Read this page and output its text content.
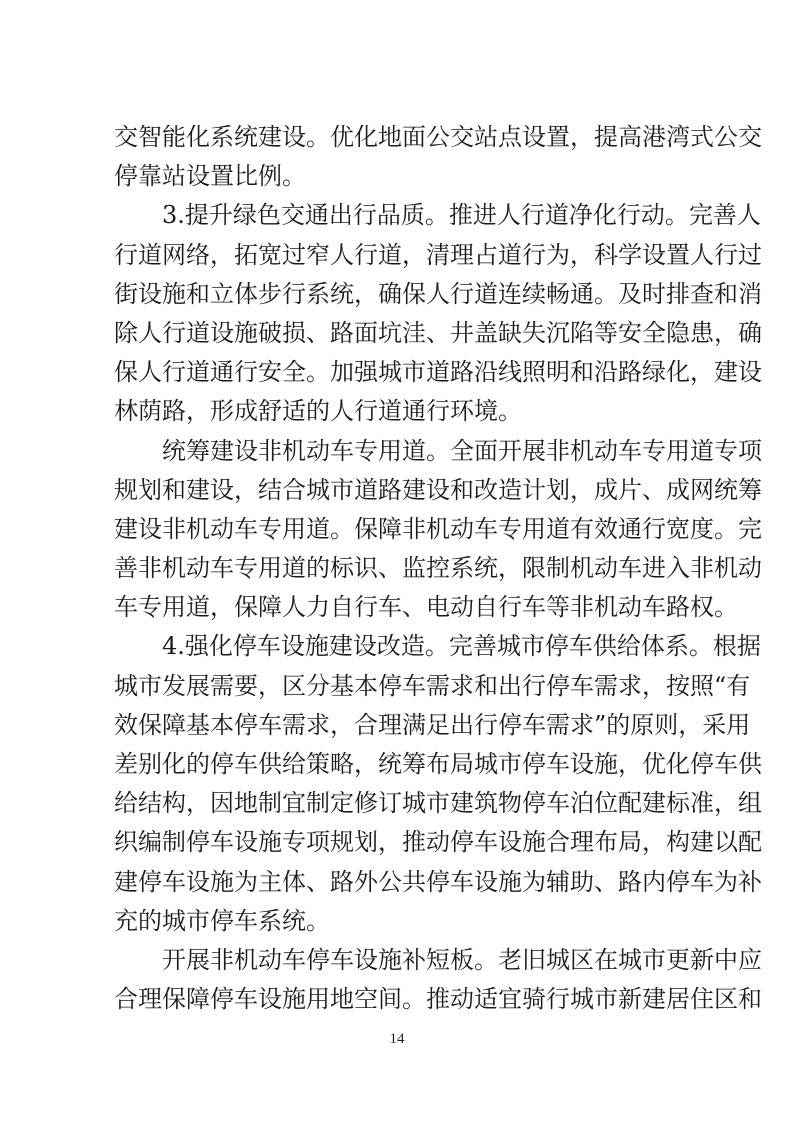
交智能化系统建设。优化地面公交站点设置，提高港湾式公交
停靠站设置比例。
　　3.提升绿色交通出行品质。推进人行道净化行动。完善人
行道网络，拓宽过窄人行道，清理占道行为，科学设置人行过
街设施和立体步行系统，确保人行道连续畅通。及时排查和消
除人行道设施破损、路面坑洼、井盖缺失沉陷等安全隐患，确
保人行道通行安全。加强城市道路沿线照明和沿路绿化，建设
林荫路，形成舒适的人行道通行环境。
　　统筹建设非机动车专用道。全面开展非机动车专用道专项
规划和建设，结合城市道路建设和改造计划，成片、成网统筹
建设非机动车专用道。保障非机动车专用道有效通行宽度。完
善非机动车专用道的标识、监控系统，限制机动车进入非机动
车专用道，保障人力自行车、电动自行车等非机动车路权。
　　4.强化停车设施建设改造。完善城市停车供给体系。根据
城市发展需要，区分基本停车需求和出行停车需求，按照“有
效保障基本停车需求，合理满足出行停车需求”的原则，采用
差别化的停车供给策略，统筹布局城市停车设施，优化停车供
给结构，因地制宜制定修订城市建筑物停车泊位配建标准，组
织编制停车设施专项规划，推动停车设施合理布局，构建以配
建停车设施为主体、路外公共停车设施为辅助、路内停车为补
充的城市停车系统。
　　开展非机动车停车设施补短板。老旧城区在城市更新中应
合理保障停车设施用地空间。推动适宜骑行城市新建居住区和
14
